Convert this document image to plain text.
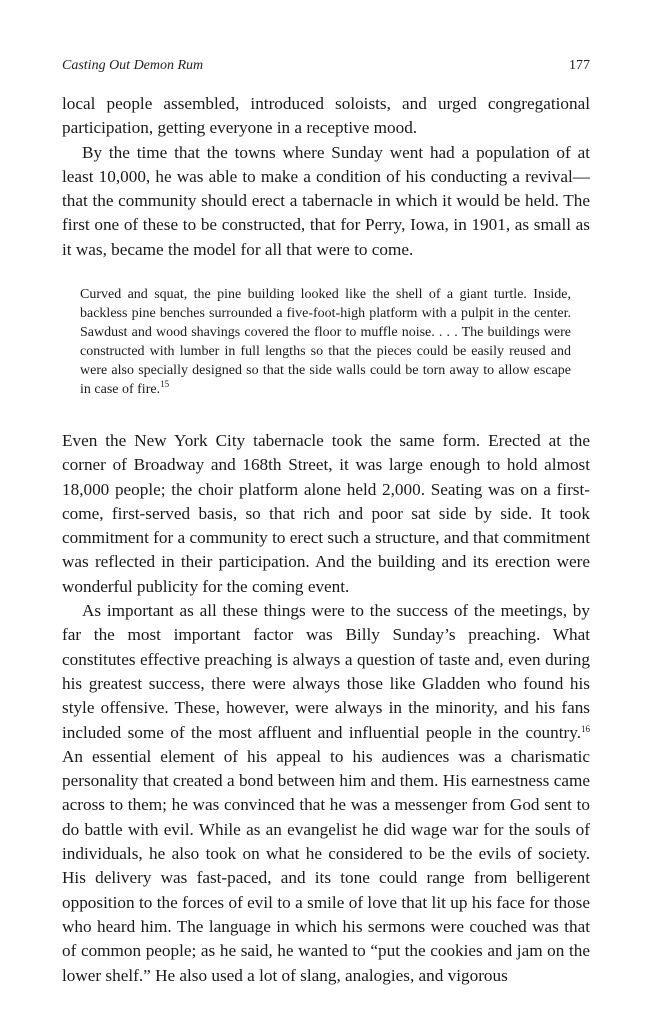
Casting Out Demon Rum	177

local people assembled, introduced soloists, and urged congregational participation, getting everyone in a receptive mood.

By the time that the towns where Sunday went had a population of at least 10,000, he was able to make a condition of his conducting a revival—that the community should erect a tabernacle in which it would be held. The first one of these to be constructed, that for Perry, Iowa, in 1901, as small as it was, became the model for all that were to come.

Curved and squat, the pine building looked like the shell of a giant turtle. Inside, backless pine benches surrounded a five-foot-high platform with a pulpit in the center. Sawdust and wood shavings covered the floor to muffle noise. . . . The buildings were constructed with lumber in full lengths so that the pieces could be easily reused and were also specially designed so that the side walls could be torn away to allow escape in case of fire.$^{15}$

Even the New York City tabernacle took the same form. Erected at the corner of Broadway and 168th Street, it was large enough to hold almost 18,000 people; the choir platform alone held 2,000. Seating was on a first-come, first-served basis, so that rich and poor sat side by side. It took commitment for a community to erect such a structure, and that commitment was reflected in their participation. And the building and its erection were wonderful publicity for the coming event.

As important as all these things were to the success of the meetings, by far the most important factor was Billy Sunday’s preaching. What constitutes effective preaching is always a question of taste and, even during his greatest success, there were always those like Gladden who found his style offensive. These, however, were always in the minority, and his fans included some of the most affluent and influential people in the country.$^{16}$ An essential element of his appeal to his audiences was a charismatic personality that created a bond between him and them. His earnestness came across to them; he was convinced that he was a messenger from God sent to do battle with evil. While as an evangelist he did wage war for the souls of individuals, he also took on what he considered to be the evils of society. His delivery was fast-paced, and its tone could range from belligerent opposition to the forces of evil to a smile of love that lit up his face for those who heard him. The language in which his sermons were couched was that of common people; as he said, he wanted to “put the cookies and jam on the lower shelf.” He also used a lot of slang, analogies, and vigorous
